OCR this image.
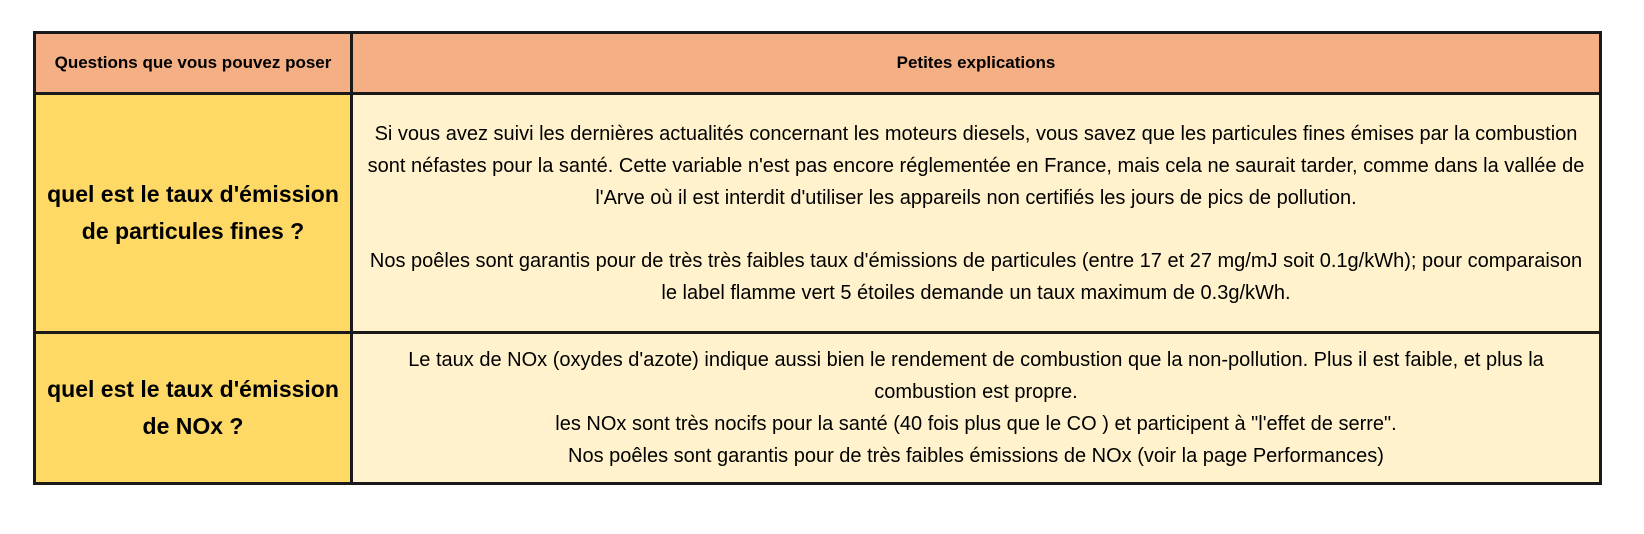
Questions que vous pouvez poser	Petites explications
quel est le taux d'émission de particules fines ?	Si vous avez suivi les dernières actualités concernant les moteurs diesels, vous savez que les particules fines émises par la combustion sont néfastes pour la santé. Cette variable n'est pas encore réglementée en France, mais cela ne saurait tarder, comme dans la vallée de l'Arve où il est interdit d'utiliser les appareils non certifiés les jours de pics de pollution.
Nos poêles sont garantis pour de très très faibles taux d'émissions de particules (entre 17 et 27 mg/mJ soit 0.1g/kWh); pour comparaison le label flamme vert 5 étoiles demande un taux maximum de 0.3g/kWh.

quel est le taux d'émission de NOx ?	Le taux de NOx (oxydes d'azote) indique aussi bien le rendement de combustion que la non-pollution. Plus il est faible, et plus la combustion est propre.
les NOx sont très nocifs pour la santé (40 fois plus que le CO ) et participent à "l'effet de serre".
Nos poêles sont garantis pour de très faibles émissions de NOx (voir la page Performances)
